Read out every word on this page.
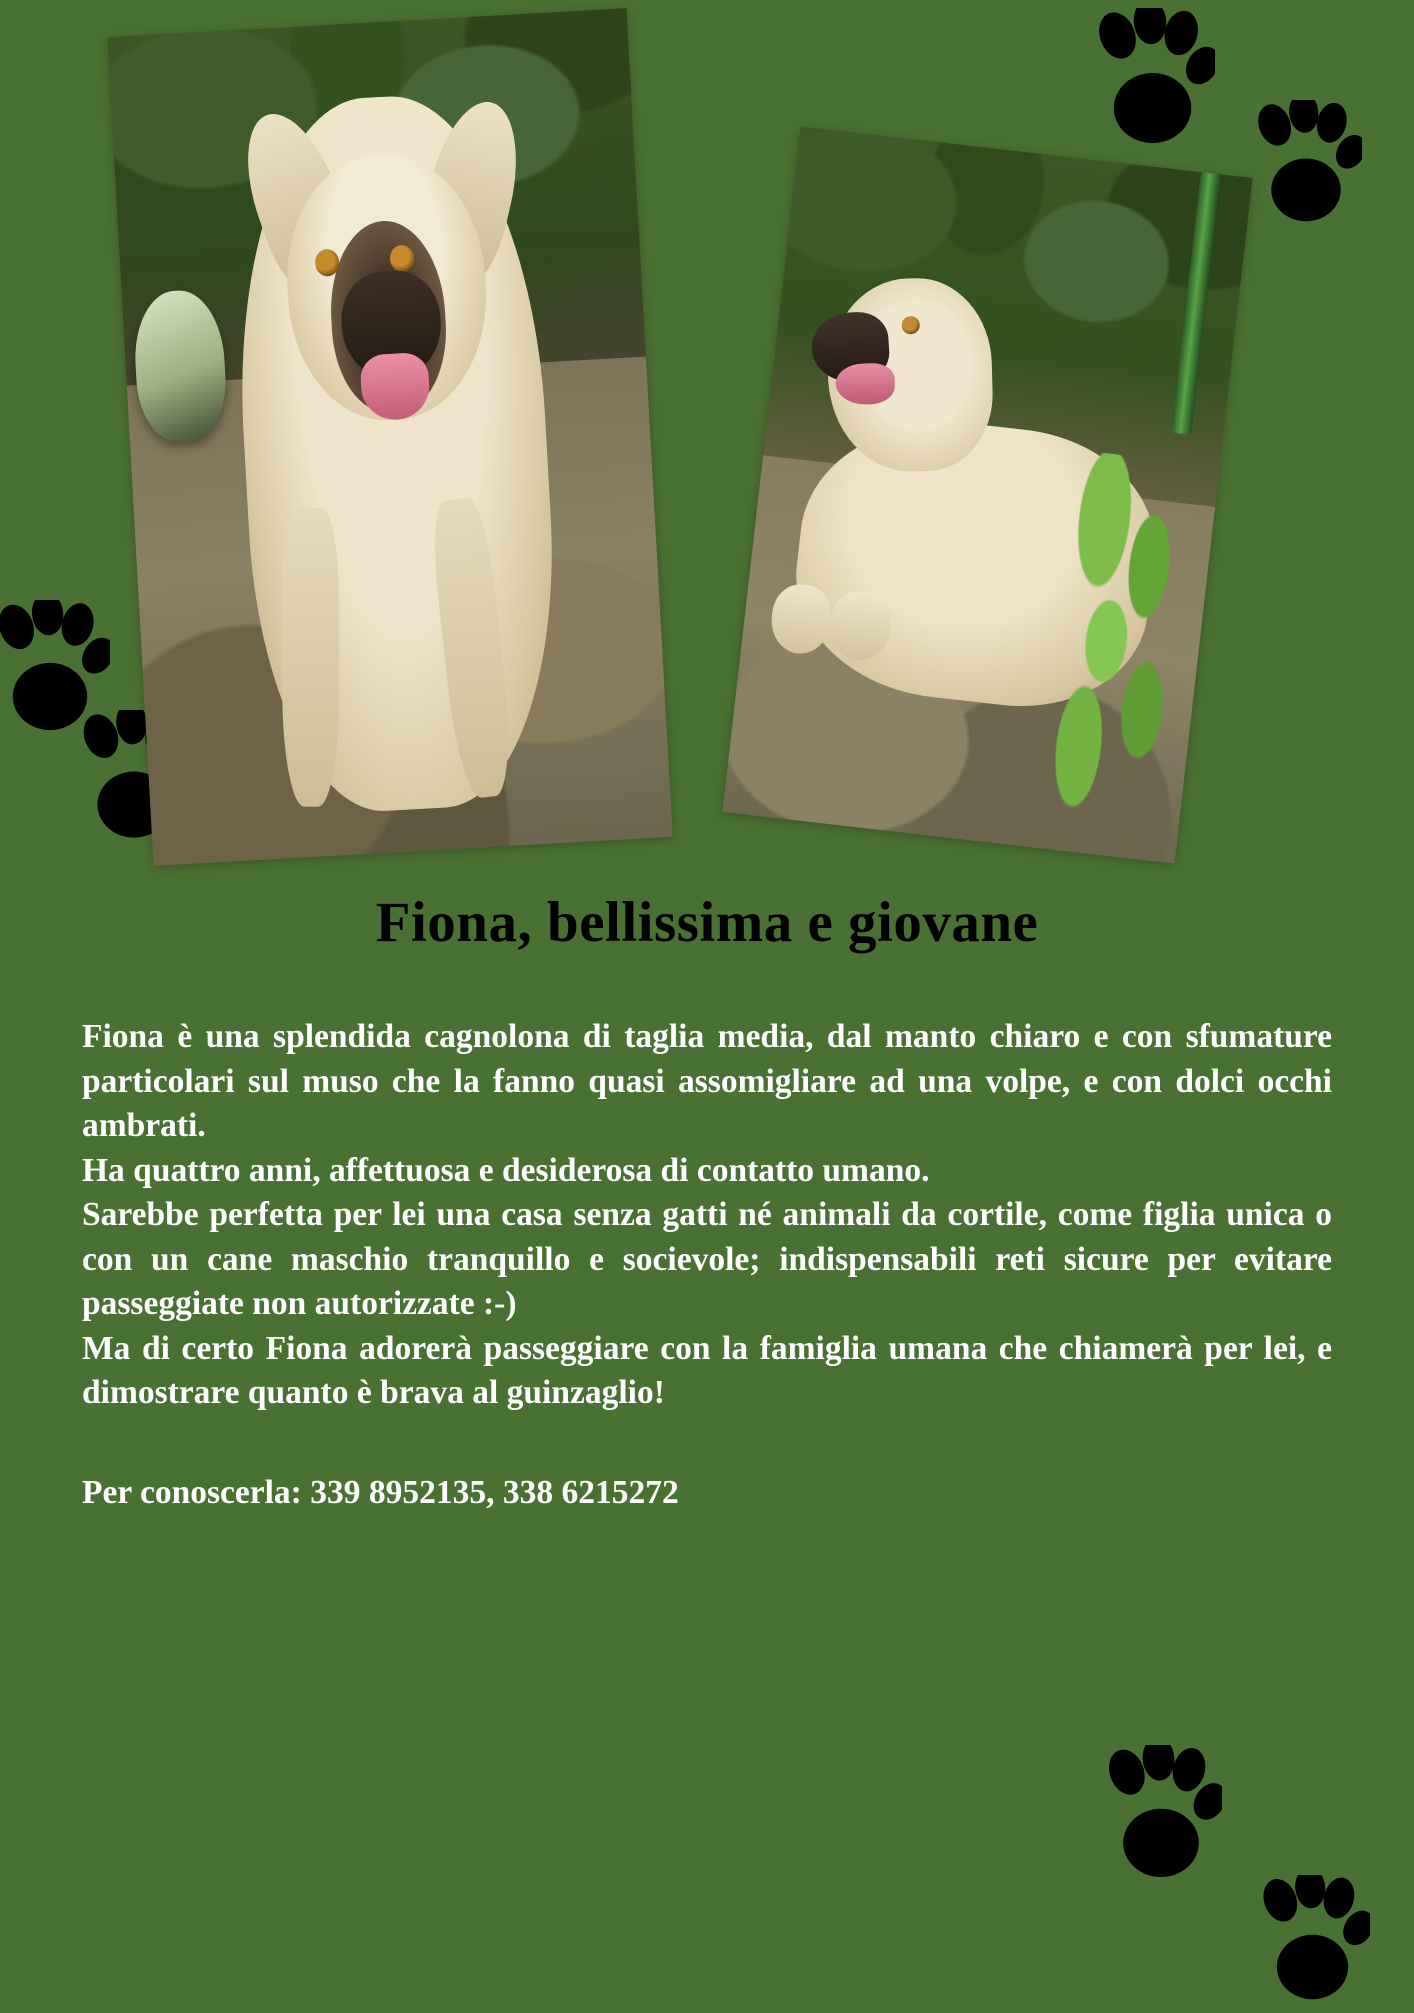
Fiona, bellissima e giovane

Fiona è una splendida cagnolona di taglia media, dal manto chiaro e con sfumature particolari sul muso che la fanno quasi assomigliare ad una volpe, e con dolci occhi ambrati.

Ha quattro anni, affettuosa e desiderosa di contatto umano.

Sarebbe perfetta per lei una casa senza gatti né animali da cortile, come figlia unica o con un cane maschio tranquillo e socievole; indispensabili reti sicure per evitare passeggiate non autorizzate :-)

Ma di certo Fiona adorerà passeggiare con la famiglia umana che chiamerà per lei, e dimostrare quanto è brava al guinzaglio!

Per conoscerla: 339 8952135, 338 6215272
